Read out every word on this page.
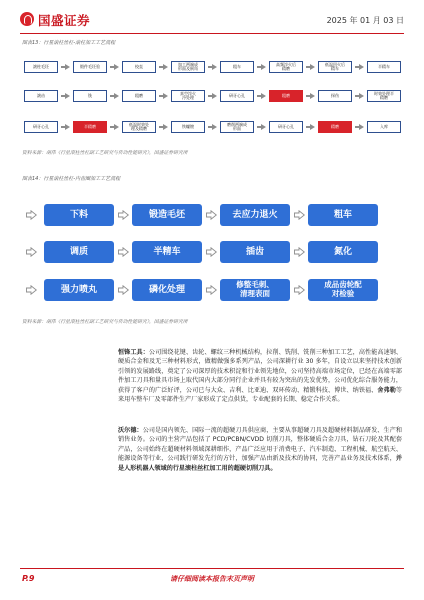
国盛证券	2025 年 01 月 03 日
图表13：行星滚柱丝杠-滚柱加工工艺流程
滚柱毛坯	锻件毛坯验	校直	加工两端成
形面及倒角	粗车	高频淬火后
精磨
低温回火后
精车	半精车
滚齿	铣	粗磨	真空淬火
冷处理	研牙心孔	粗磨	探伤	时效处理半
精磨
研牙心孔	半精磨	低温时效处
理及精磨	铁螺镀	磨削两端成
形面	研牙心孔	精磨	入库
资料来源：胡伟《行星滚柱丝杠副工艺研究与传动性能研究》，国盛证券研究所
图表14：行星滚柱丝杠-内齿圈加工工艺流程
下料	锻造毛坯	去应力退火	粗车
调质	半精车	插齿	氮化
强力喷丸	磷化处理	修整毛刺、
清理表面
成品齿轮配
对检验
资料来源：胡伟《行星滚柱丝杠副工艺研究与传动性能研究》，国盛证券研究所
恒锋工具：公司围绕花键、齿轮、螺纹三种机械结构，拉削、铣削、铣削三种加工工艺，高性能高速钢、硬质合金和及无三种材料形式，做精做强多系列产品，公司深耕行业 30 多年，自设立以来坚持技术创新引领的发展路线，奠定了公司深厚的技术积淀和行业领先地位，公司坚持高端市场定位，已经在高端零部件加工刀具和量具市场上取代国内大部分同行企业并具有较为突出的先发优势，公司优化综合服务能力，获得了客户的广泛好评，公司已与大众、吉利、比亚迪、双环传动、精锻科技、博世、纳铁福、舍弗勒等来用车整车厂及零部件生产厂家形成了定点供货，专业配套的长期、稳定合作关系。
沃尔德：公司是国内领先、国际一流的超硬刀具供应商，主要从事超硬刀具及超硬材料制品研发、生产和销售业务。公司的主营产品包括了 PCD/PCBN/CVDD 切削刀具，整体硬质合金刀具，钻石刀轮及其配套产品，公司始终在超硬材料领域深耕细作，产品广泛应用于消费电子、汽车制造、工程机械、航空航天、能源设备等行业，公司践行研发先行的方针，加强产品由新及技术的协同，完善产品业务及技术体系，并是人形机器人领域的行星滚柱丝杠加工用的超硬切削刀具。
P.9	请仔细阅读本报告末页声明
